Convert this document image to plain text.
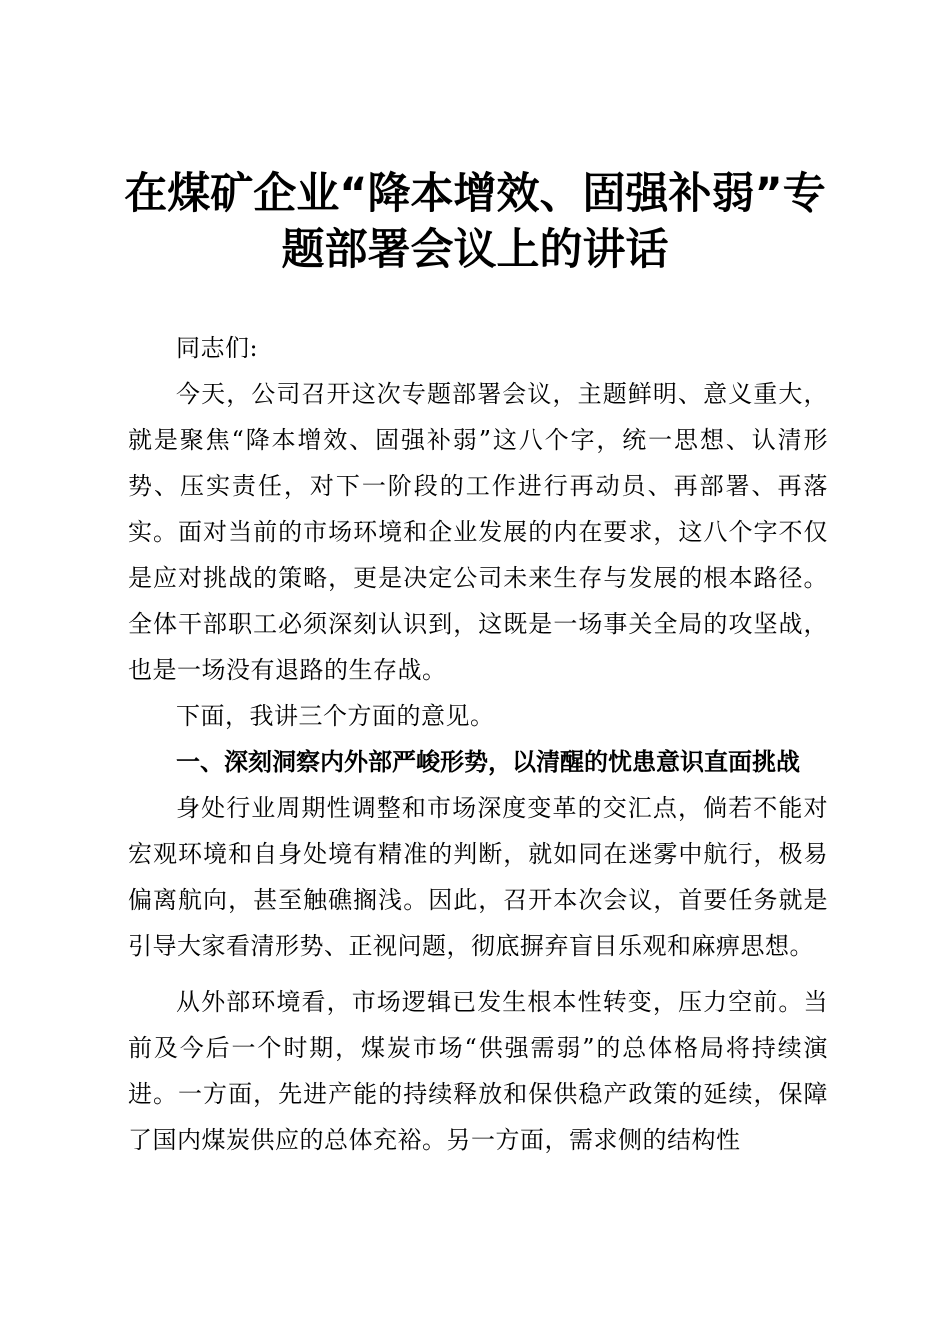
在煤矿企业“降本增效、固强补弱”专
题部署会议上的讲话

同志们:

今天，公司召开这次专题部署会议，主题鲜明、意义重大，就是聚焦“降本增效、固强补弱”这八个字，统一思想、认清形势、压实责任，对下一阶段的工作进行再动员、再部署、再落实。面对当前的市场环境和企业发展的内在要求，这八个字不仅是应对挑战的策略，更是决定公司未来生存与发展的根本路径。全体干部职工必须深刻认识到，这既是一场事关全局的攻坚战，也是一场没有退路的生存战。

下面，我讲三个方面的意见。

一、深刻洞察内外部严峻形势，以清醒的忧患意识直面挑战

身处行业周期性调整和市场深度变革的交汇点，倘若不能对宏观环境和自身处境有精准的判断，就如同在迷雾中航行，极易偏离航向，甚至触礁搁浅。因此，召开本次会议，首要任务就是引导大家看清形势、正视问题，彻底摒弃盲目乐观和麻痹思想。

从外部环境看，市场逻辑已发生根本性转变，压力空前。当前及今后一个时期，煤炭市场“供强需弱”的总体格局将持续演进。一方面，先进产能的持续释放和保供稳产政策的延续，保障了国内煤炭供应的总体充裕。另一方面，需求侧的结构性
